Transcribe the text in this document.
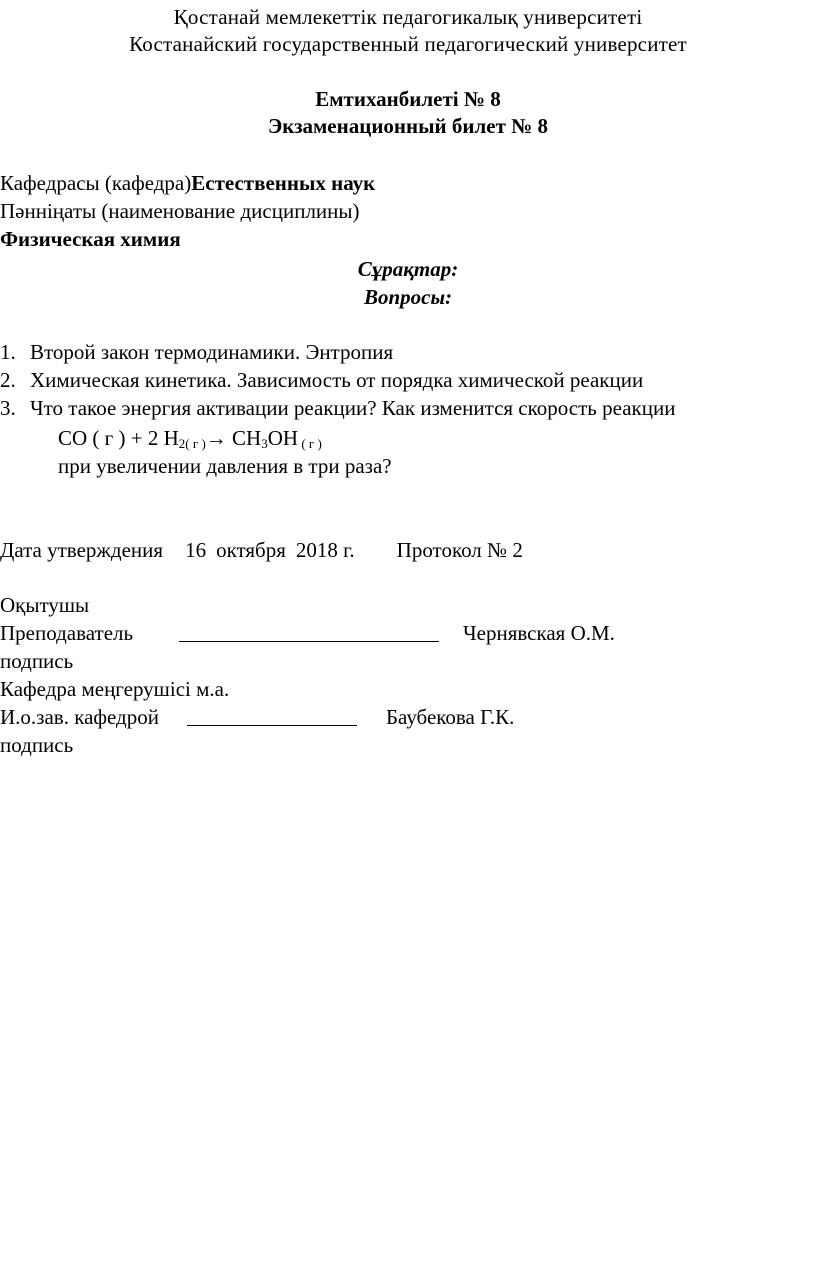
Қостанай мемлекеттік педагогикалық университеті
Костанайский государственный педагогический университет
Емтиханбилеті № 8
Экзаменационный билет № 8
Кафедрасы (кафедра)Естественных наук
Пәнніңаты (наименование дисциплины)
Физическая химия
Сұрақтар:
Вопросы:
1. Второй закон термодинамики. Энтропия
2. Химическая кинетика. Зависимость от порядка химической реакции
3. Что такое энергия активации реакции? Как изменится скорость реакции
CO ( г ) + 2 $H_{2( г )}\to CH_3OH$ ( г )
при увеличении давления в три раза?
Дата утверждения 16 октября 2018 г. Протокол № 2
Оқытушы
Преподаватель	Чернявская О.М.
подпись
Кафедра меңгерушісі м.а.
И.о.зав. кафедрой	Баубекова Г.К.
подпись
